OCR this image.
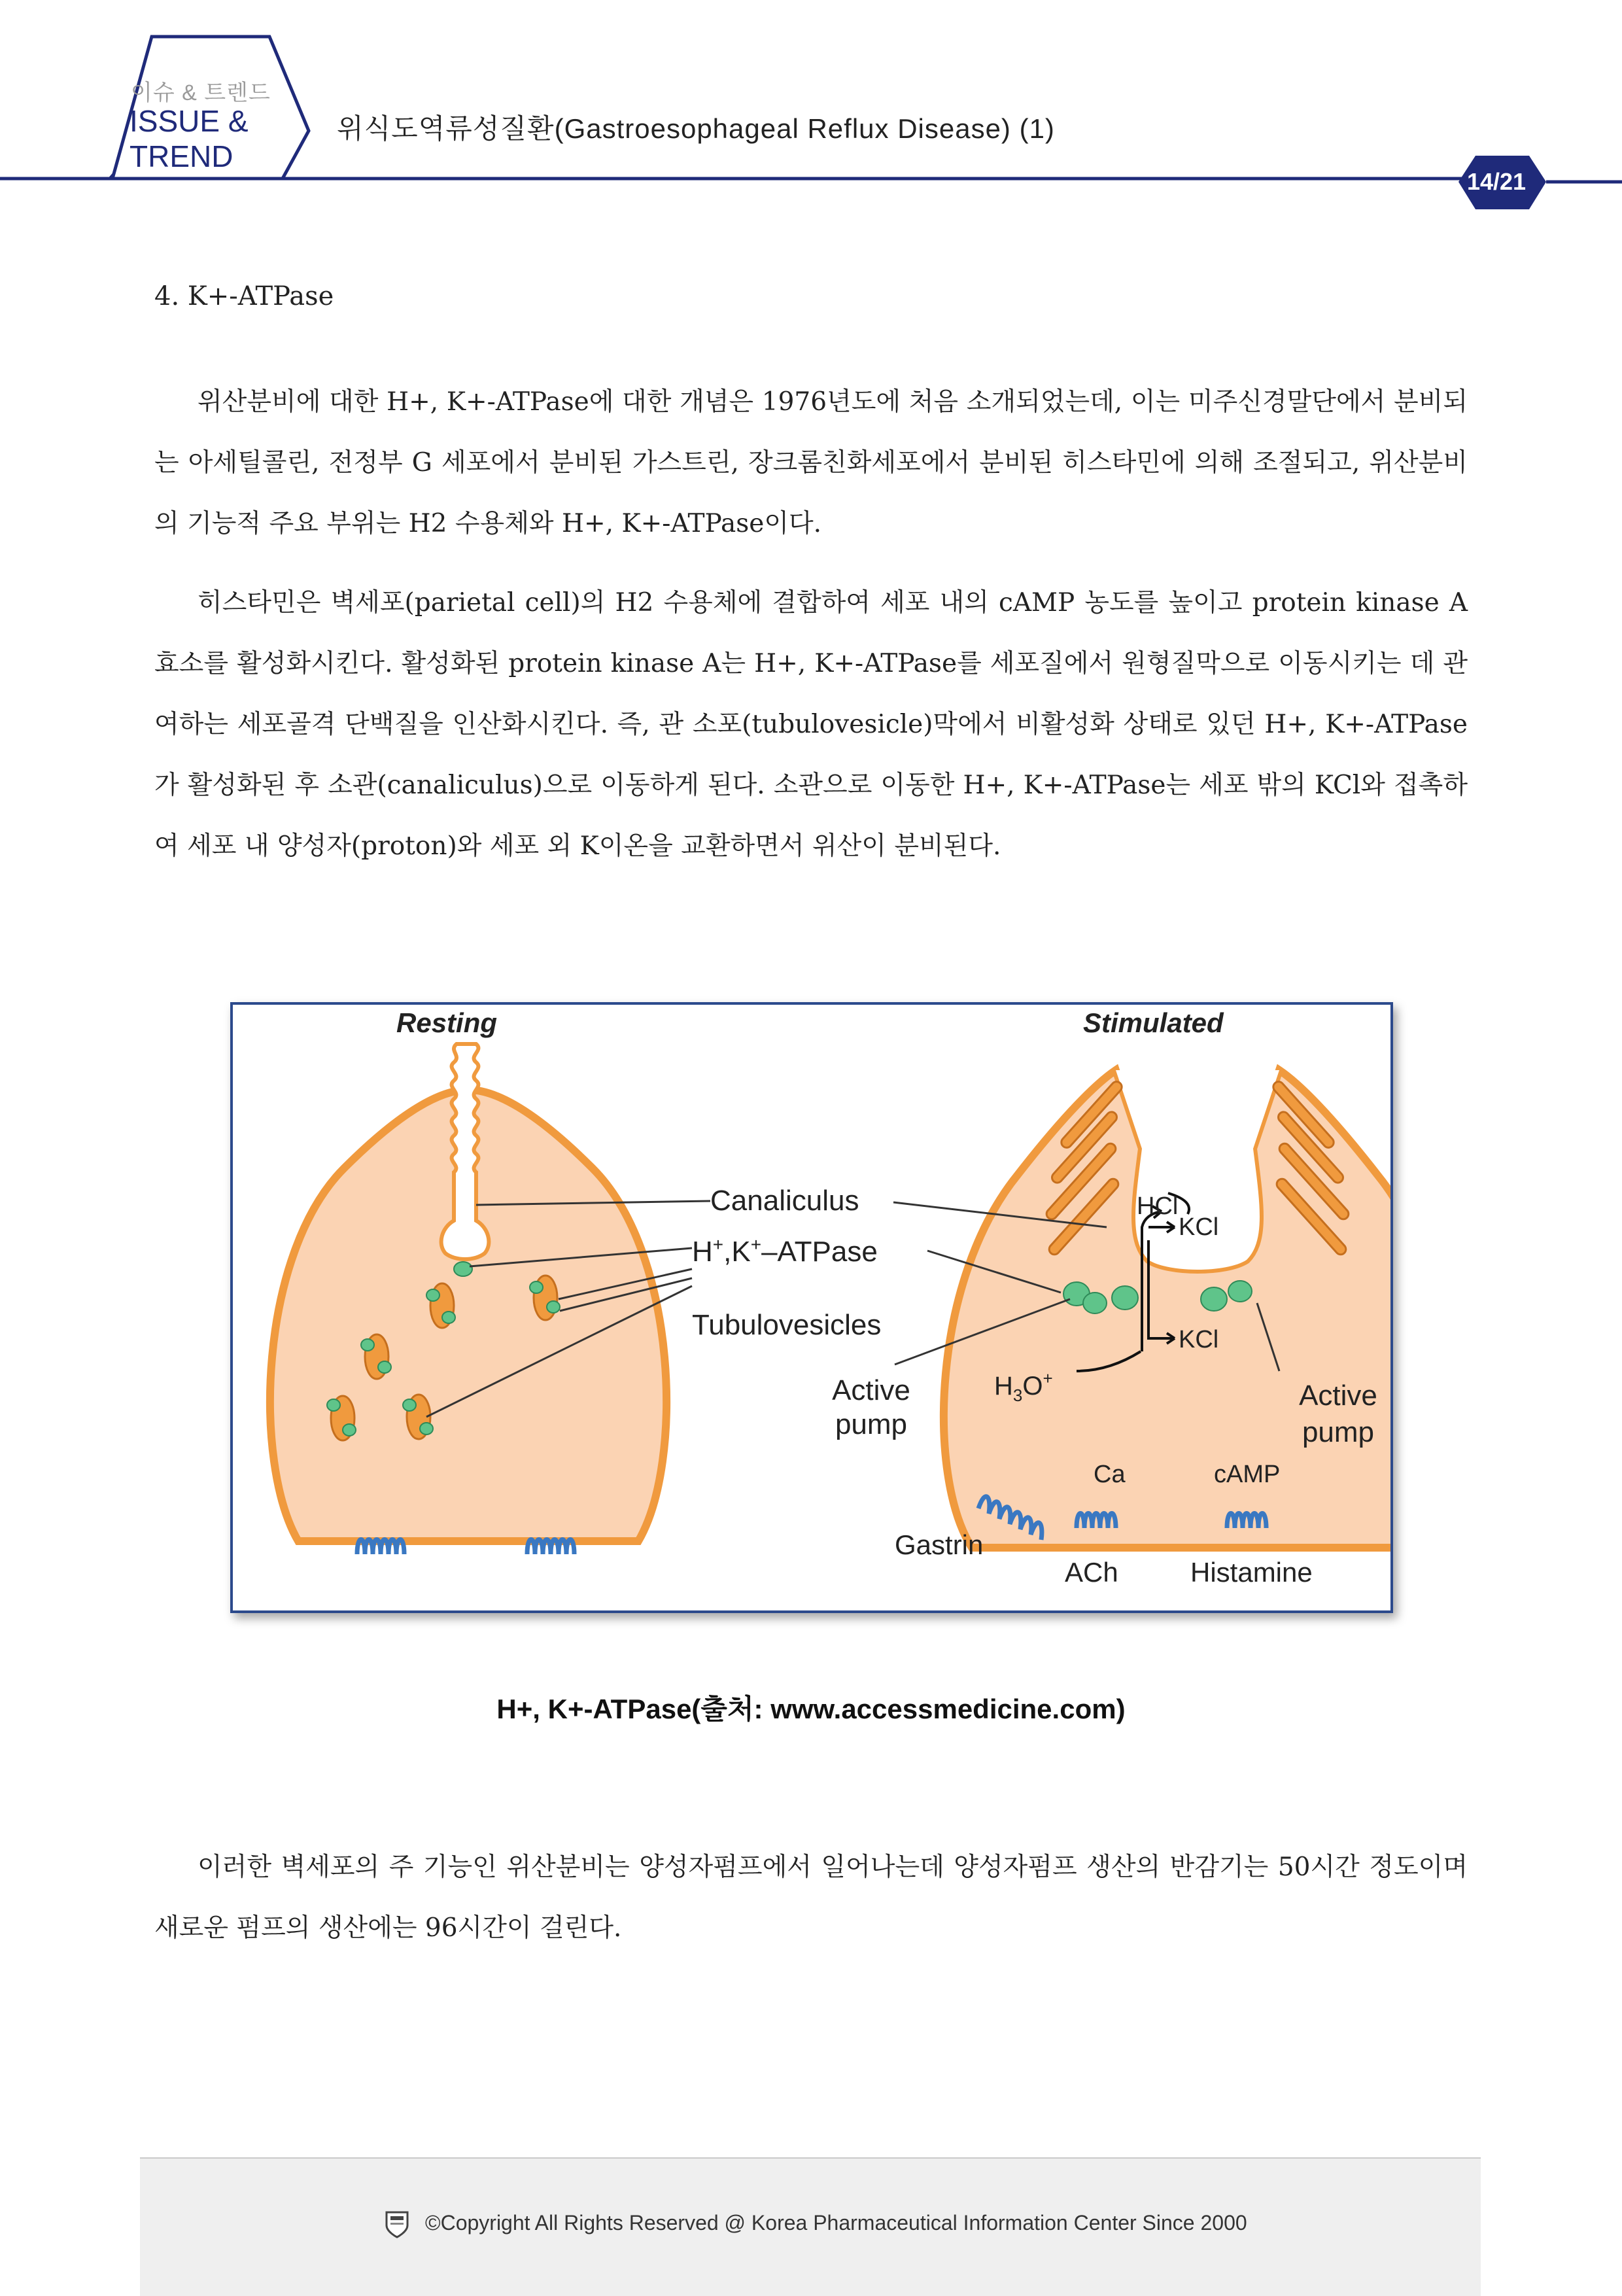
이슈 & 트렌드
ISSUE &
TREND
위식도역류성질환(Gastroesophageal Reflux Disease) (1)
14/21
4. K+-ATPase

위산분비에 대한 H+, K+-ATPase에 대한 개념은 1976년도에 처음 소개되었는데, 이는 미주신경말단에서 분비되는 아세틸콜린, 전정부 G 세포에서 분비된 가스트린, 장크롬친화세포에서 분비된 히스타민에 의해 조절되고, 위산분비의 기능적 주요 부위는 H2 수용체와 H+, K+-ATPase이다.

히스타민은 벽세포(parietal cell)의 H2 수용체에 결합하여 세포 내의 cAMP 농도를 높이고 protein kinase A 효소를 활성화시킨다. 활성화된 protein kinase A는 H+, K+-ATPase를 세포질에서 원형질막으로 이동시키는 데 관여하는 세포골격 단백질을 인산화시킨다. 즉, 관 소포(tubulovesicle)막에서 비활성화 상태로 있던 H+, K+-ATPase가 활성화된 후 소관(canaliculus)으로 이동하게 된다. 소관으로 이동한 H+, K+-ATPase는 세포 밖의 KCl와 접촉하여 세포 내 양성자(proton)와 세포 외 K이온을 교환하면서 위산이 분비된다.

Resting	Stimulated
Canaliculus
H+,K+–ATPase
Tubulovesicles
Active pump
HCl
KCl
KCl
$H_3O^+$
Active pump
Ca	cAMP
Gastrin
ACh	Histamine
H+, K+-ATPase(출처: www.accessmedicine.com)

이러한 벽세포의 주 기능인 위산분비는 양성자펌프에서 일어나는데 양성자펌프 생산의 반감기는 50시간 정도이며 새로운 펌프의 생산에는 96시간이 걸린다.

©Copyright All Rights Reserved @ Korea Pharmaceutical Information Center Since 2000
